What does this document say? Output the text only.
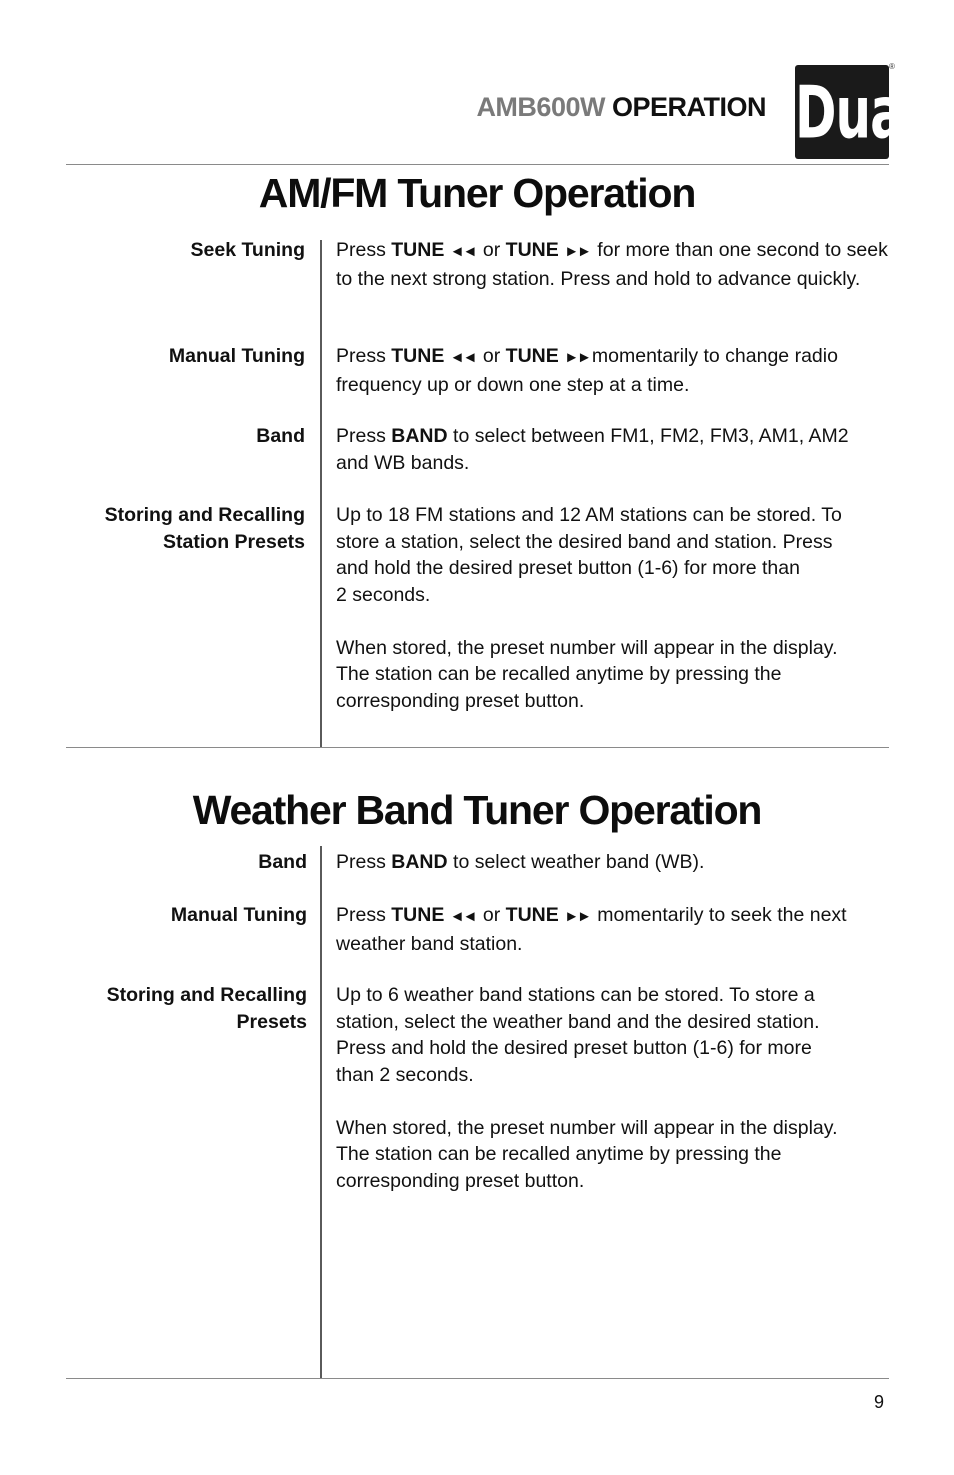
AMB600W OPERATION Dual
®
AM/FM Tuner Operation
Seek Tuning Press TUNE ◄◄ or TUNE ►► for more than one second to seek to the next strong station. Press and hold to advance quickly.
Manual Tuning Press TUNE ◄◄ or TUNE ►► momentarily to change radio frequency up or down one step at a time.
Band Press BAND to select between FM1, FM2, FM3, AM1, AM2 and WB bands.
Storing and Recalling
Station Presets
Up to 18 FM stations and 12 AM stations can be stored. To
store a station, select the desired band and station. Press
and hold the desired preset button (1-6) for more than
2 seconds.
When stored, the preset number will appear in the display.
The station can be recalled anytime by pressing the
corresponding preset button.
Weather Band Tuner Operation
Band Press BAND to select weather band (WB).
Manual Tuning Press TUNE ◄◄ or TUNE ►► momentarily to seek the next weather band station.
Storing and Recalling
Presets
Up to 6 weather band stations can be stored. To store a
station, select the weather band and the desired station.
Press and hold the desired preset button (1-6) for more
than 2 seconds.
When stored, the preset number will appear in the display.
The station can be recalled anytime by pressing the
corresponding preset button.
9
